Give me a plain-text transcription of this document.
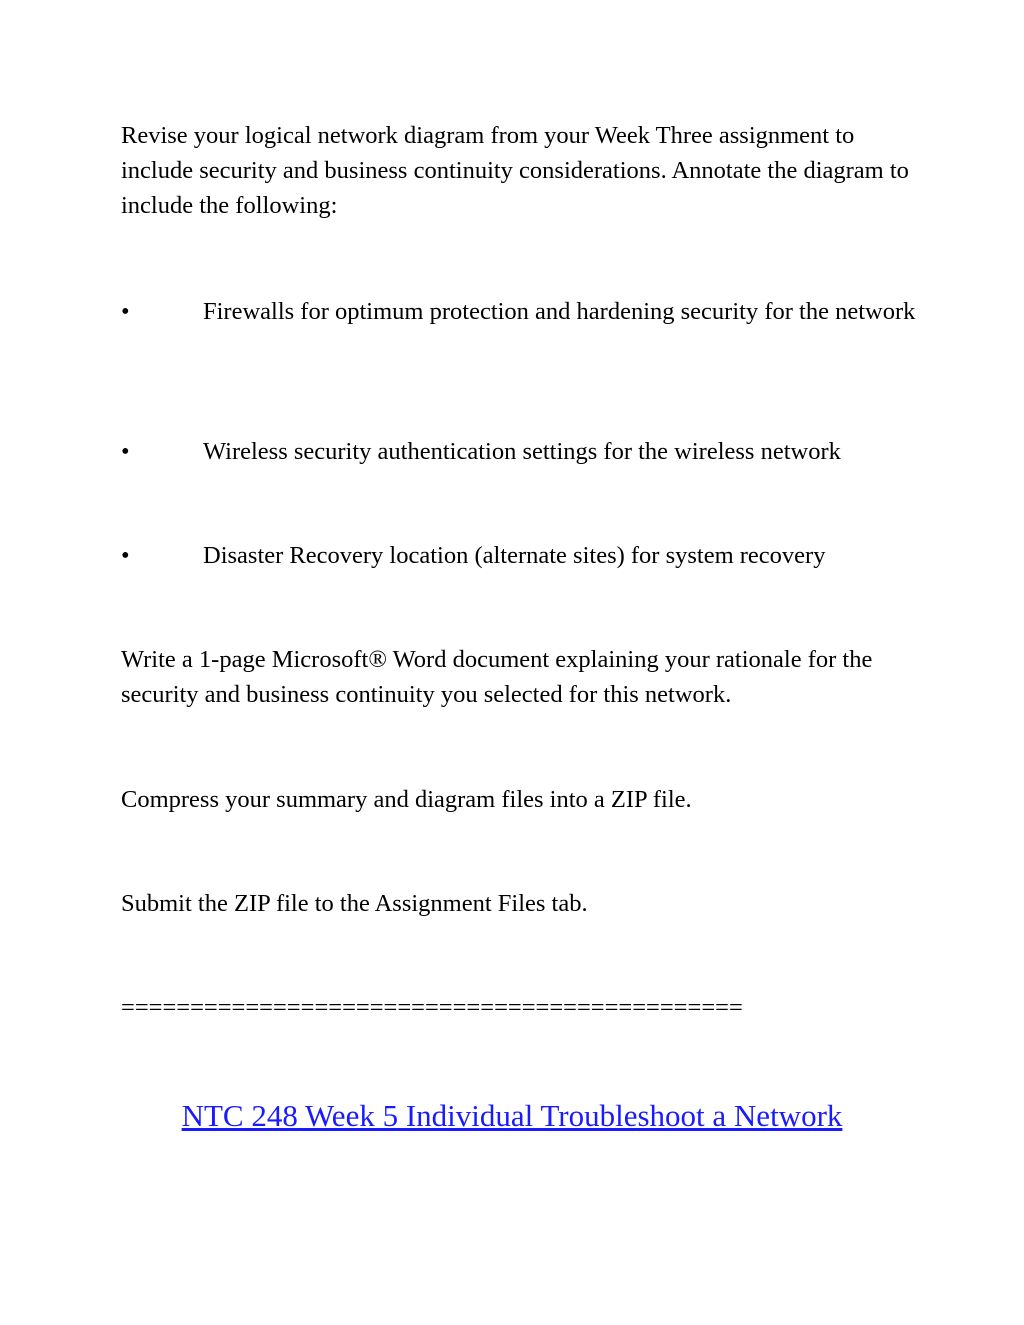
Revise your logical network diagram from your Week Three assignment to include security and business continuity considerations. Annotate the diagram to include the following:

•	Firewalls for optimum protection and hardening security for the network

•	Wireless security authentication settings for the wireless network

•	Disaster Recovery location (alternate sites) for system recovery

Write a 1-page Microsoft® Word document explaining your rationale for the security and business continuity you selected for this network.

Compress your summary and diagram files into a ZIP file.

Submit the ZIP file to the Assignment Files tab.

=============================================

NTC 248 Week 5 Individual Troubleshoot a Network
